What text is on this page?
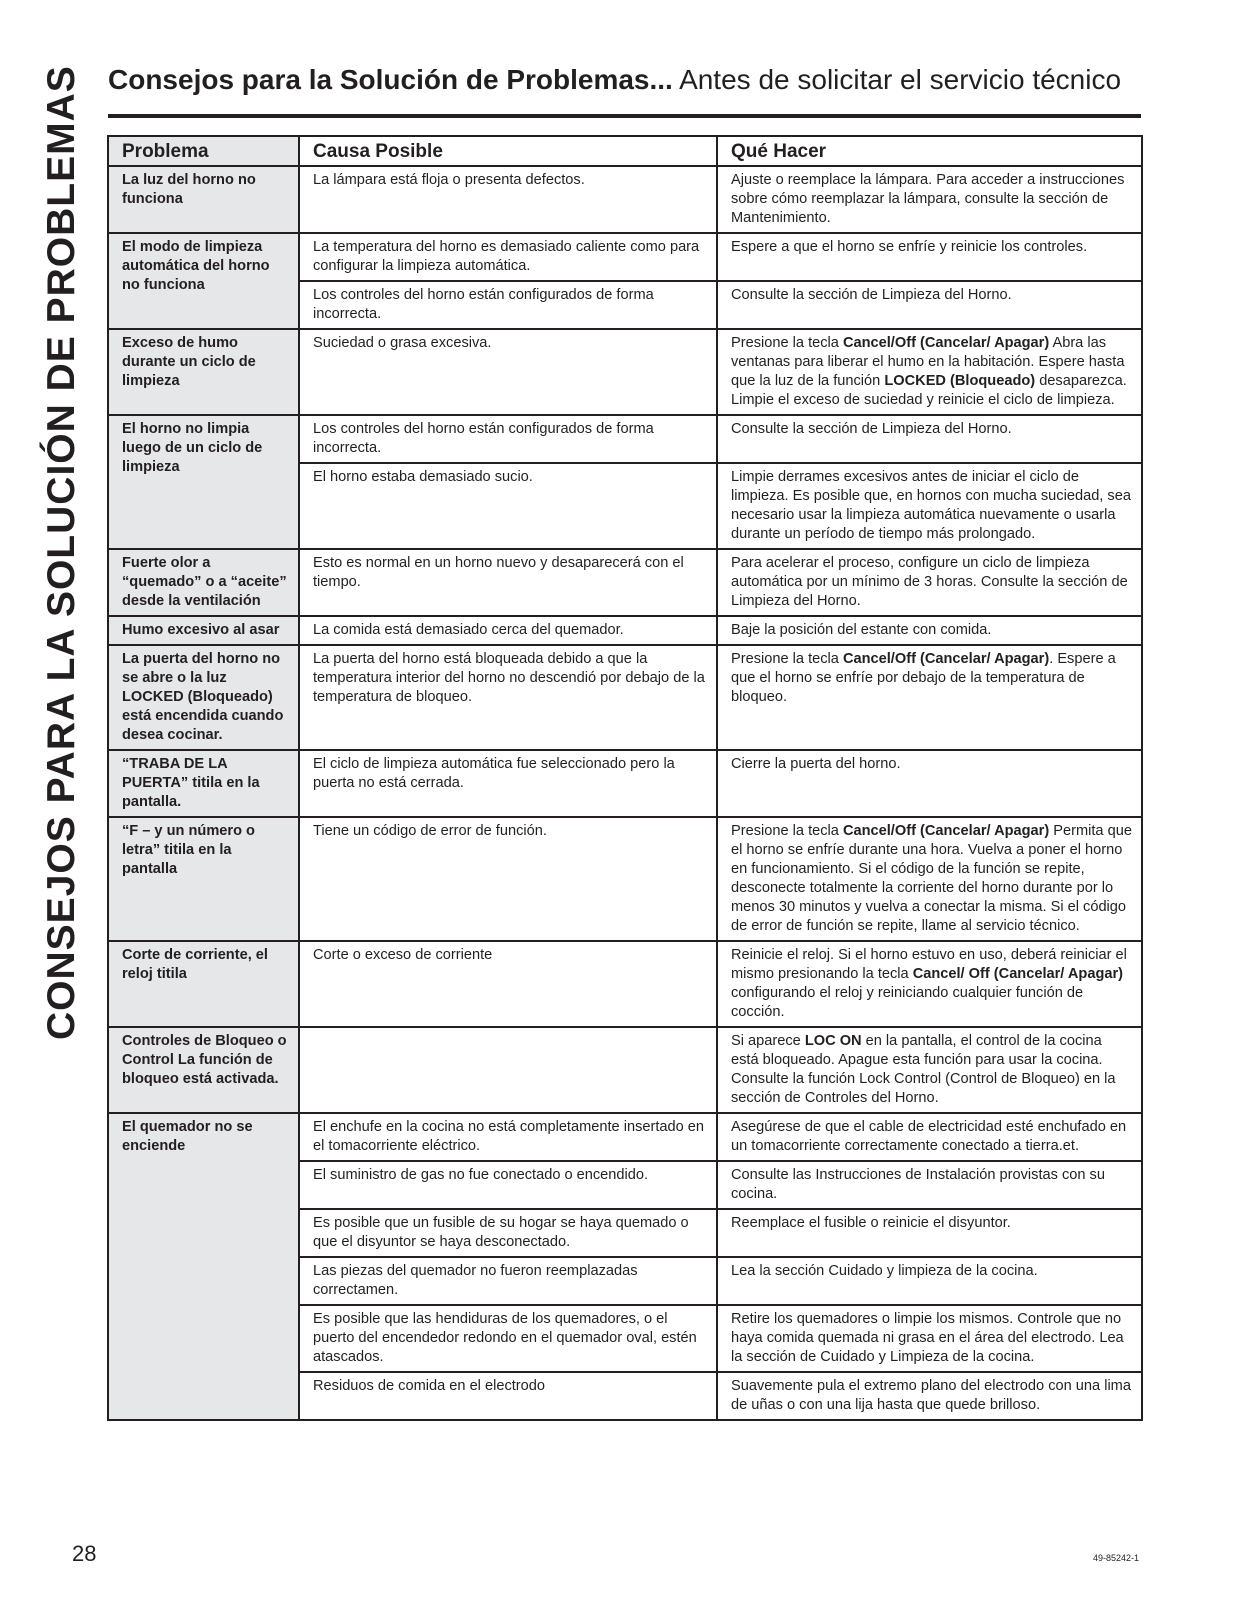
CONSEJOS PARA LA SOLUCIÓN DE PROBLEMAS Consejos para la Solución de Problemas... Antes de solicitar el servicio técnico
Problema	Causa Posible	Qué Hacer
La luz del horno no funciona	La lámpara está floja o presenta defectos.	Ajuste o reemplace la lámpara. Para acceder a instrucciones sobre cómo reemplazar la lámpara, consulte la sección de Mantenimiento.
El modo de limpieza automática del horno no funciona	La temperatura del horno es demasiado caliente como para configurar la limpieza automática.	Espere a que el horno se enfríe y reinicie los controles.
	Los controles del horno están configurados de forma incorrecta.	Consulte la sección de Limpieza del Horno.
Exceso de humo durante un ciclo de limpieza	Suciedad o grasa excesiva.	Presione la tecla Cancel/Off (Cancelar/ Apagar) Abra las ventanas para liberar el humo en la habitación. Espere hasta que la luz de la función LOCKED (Bloqueado) desaparezca. Limpie el exceso de suciedad y reinicie el ciclo de limpieza.
El horno no limpia luego de un ciclo de limpieza	Los controles del horno están configurados de forma incorrecta.	Consulte la sección de Limpieza del Horno.
	El horno estaba demasiado sucio.	Limpie derrames excesivos antes de iniciar el ciclo de limpieza. Es posible que, en hornos con mucha suciedad, sea necesario usar la limpieza automática nuevamente o usarla durante un período de tiempo más prolongado.
Fuerte olor a “quemado” o a “aceite” desde la ventilación	Esto es normal en un horno nuevo y desaparecerá con el tiempo.	Para acelerar el proceso, configure un ciclo de limpieza automática por un mínimo de 3 horas. Consulte la sección de Limpieza del Horno.
Humo excesivo al asar	La comida está demasiado cerca del quemador.	Baje la posición del estante con comida.
La puerta del horno no se abre o la luz LOCKED (Bloqueado) está encendida cuando desea cocinar.	La puerta del horno está bloqueada debido a que la temperatura interior del horno no descendió por debajo de la temperatura de bloqueo.	Presione la tecla Cancel/Off (Cancelar/ Apagar). Espere a que el horno se enfríe por debajo de la temperatura de bloqueo.
“TRABA DE LA PUERTA” titila en la pantalla.	El ciclo de limpieza automática fue seleccionado pero la puerta no está cerrada.	Cierre la puerta del horno.
“F – y un número o letra” titila en la pantalla	Tiene un código de error de función.	Presione la tecla Cancel/Off (Cancelar/ Apagar) Permita que el horno se enfríe durante una hora. Vuelva a poner el horno en funcionamiento. Si el código de la función se repite, desconecte totalmente la corriente del horno durante por lo menos 30 minutos y vuelva a conectar la misma. Si el código de error de función se repite, llame al servicio técnico.
Corte de corriente, el reloj titila	Corte o exceso de corriente	Reinicie el reloj. Si el horno estuvo en uso, deberá reiniciar el mismo presionando la tecla Cancel/ Off (Cancelar/ Apagar) configurando el reloj y reiniciando cualquier función de cocción.
Controles de Bloqueo o Control La función de bloqueo está activada.		Si aparece LOC ON en la pantalla, el control de la cocina está bloqueado. Apague esta función para usar la cocina. Consulte la función Lock Control (Control de Bloqueo) en la sección de Controles del Horno.
El quemador no se enciende	El enchufe en la cocina no está completamente insertado en el tomacorriente eléctrico.	Asegúrese de que el cable de electricidad esté enchufado en un tomacorriente correctamente conectado a tierra.et.
	El suministro de gas no fue conectado o encendido.	Consulte las Instrucciones de Instalación provistas con su cocina.
	Es posible que un fusible de su hogar se haya quemado o que el disyuntor se haya desconectado.	Reemplace el fusible o reinicie el disyuntor.
	Las piezas del quemador no fueron reemplazadas correctamen.	Lea la sección Cuidado y limpieza de la cocina.
	Es posible que las hendiduras de los quemadores, o el puerto del encendedor redondo en el quemador oval, estén atascados.	Retire los quemadores o limpie los mismos. Controle que no haya comida quemada ni grasa en el área del electrodo. Lea la sección de Cuidado y Limpieza de la cocina.
	Residuos de comida en el electrodo	Suavemente pula el extremo plano del electrodo con una lima de uñas o con una lija hasta que quede brilloso.
28	49-85242-1
